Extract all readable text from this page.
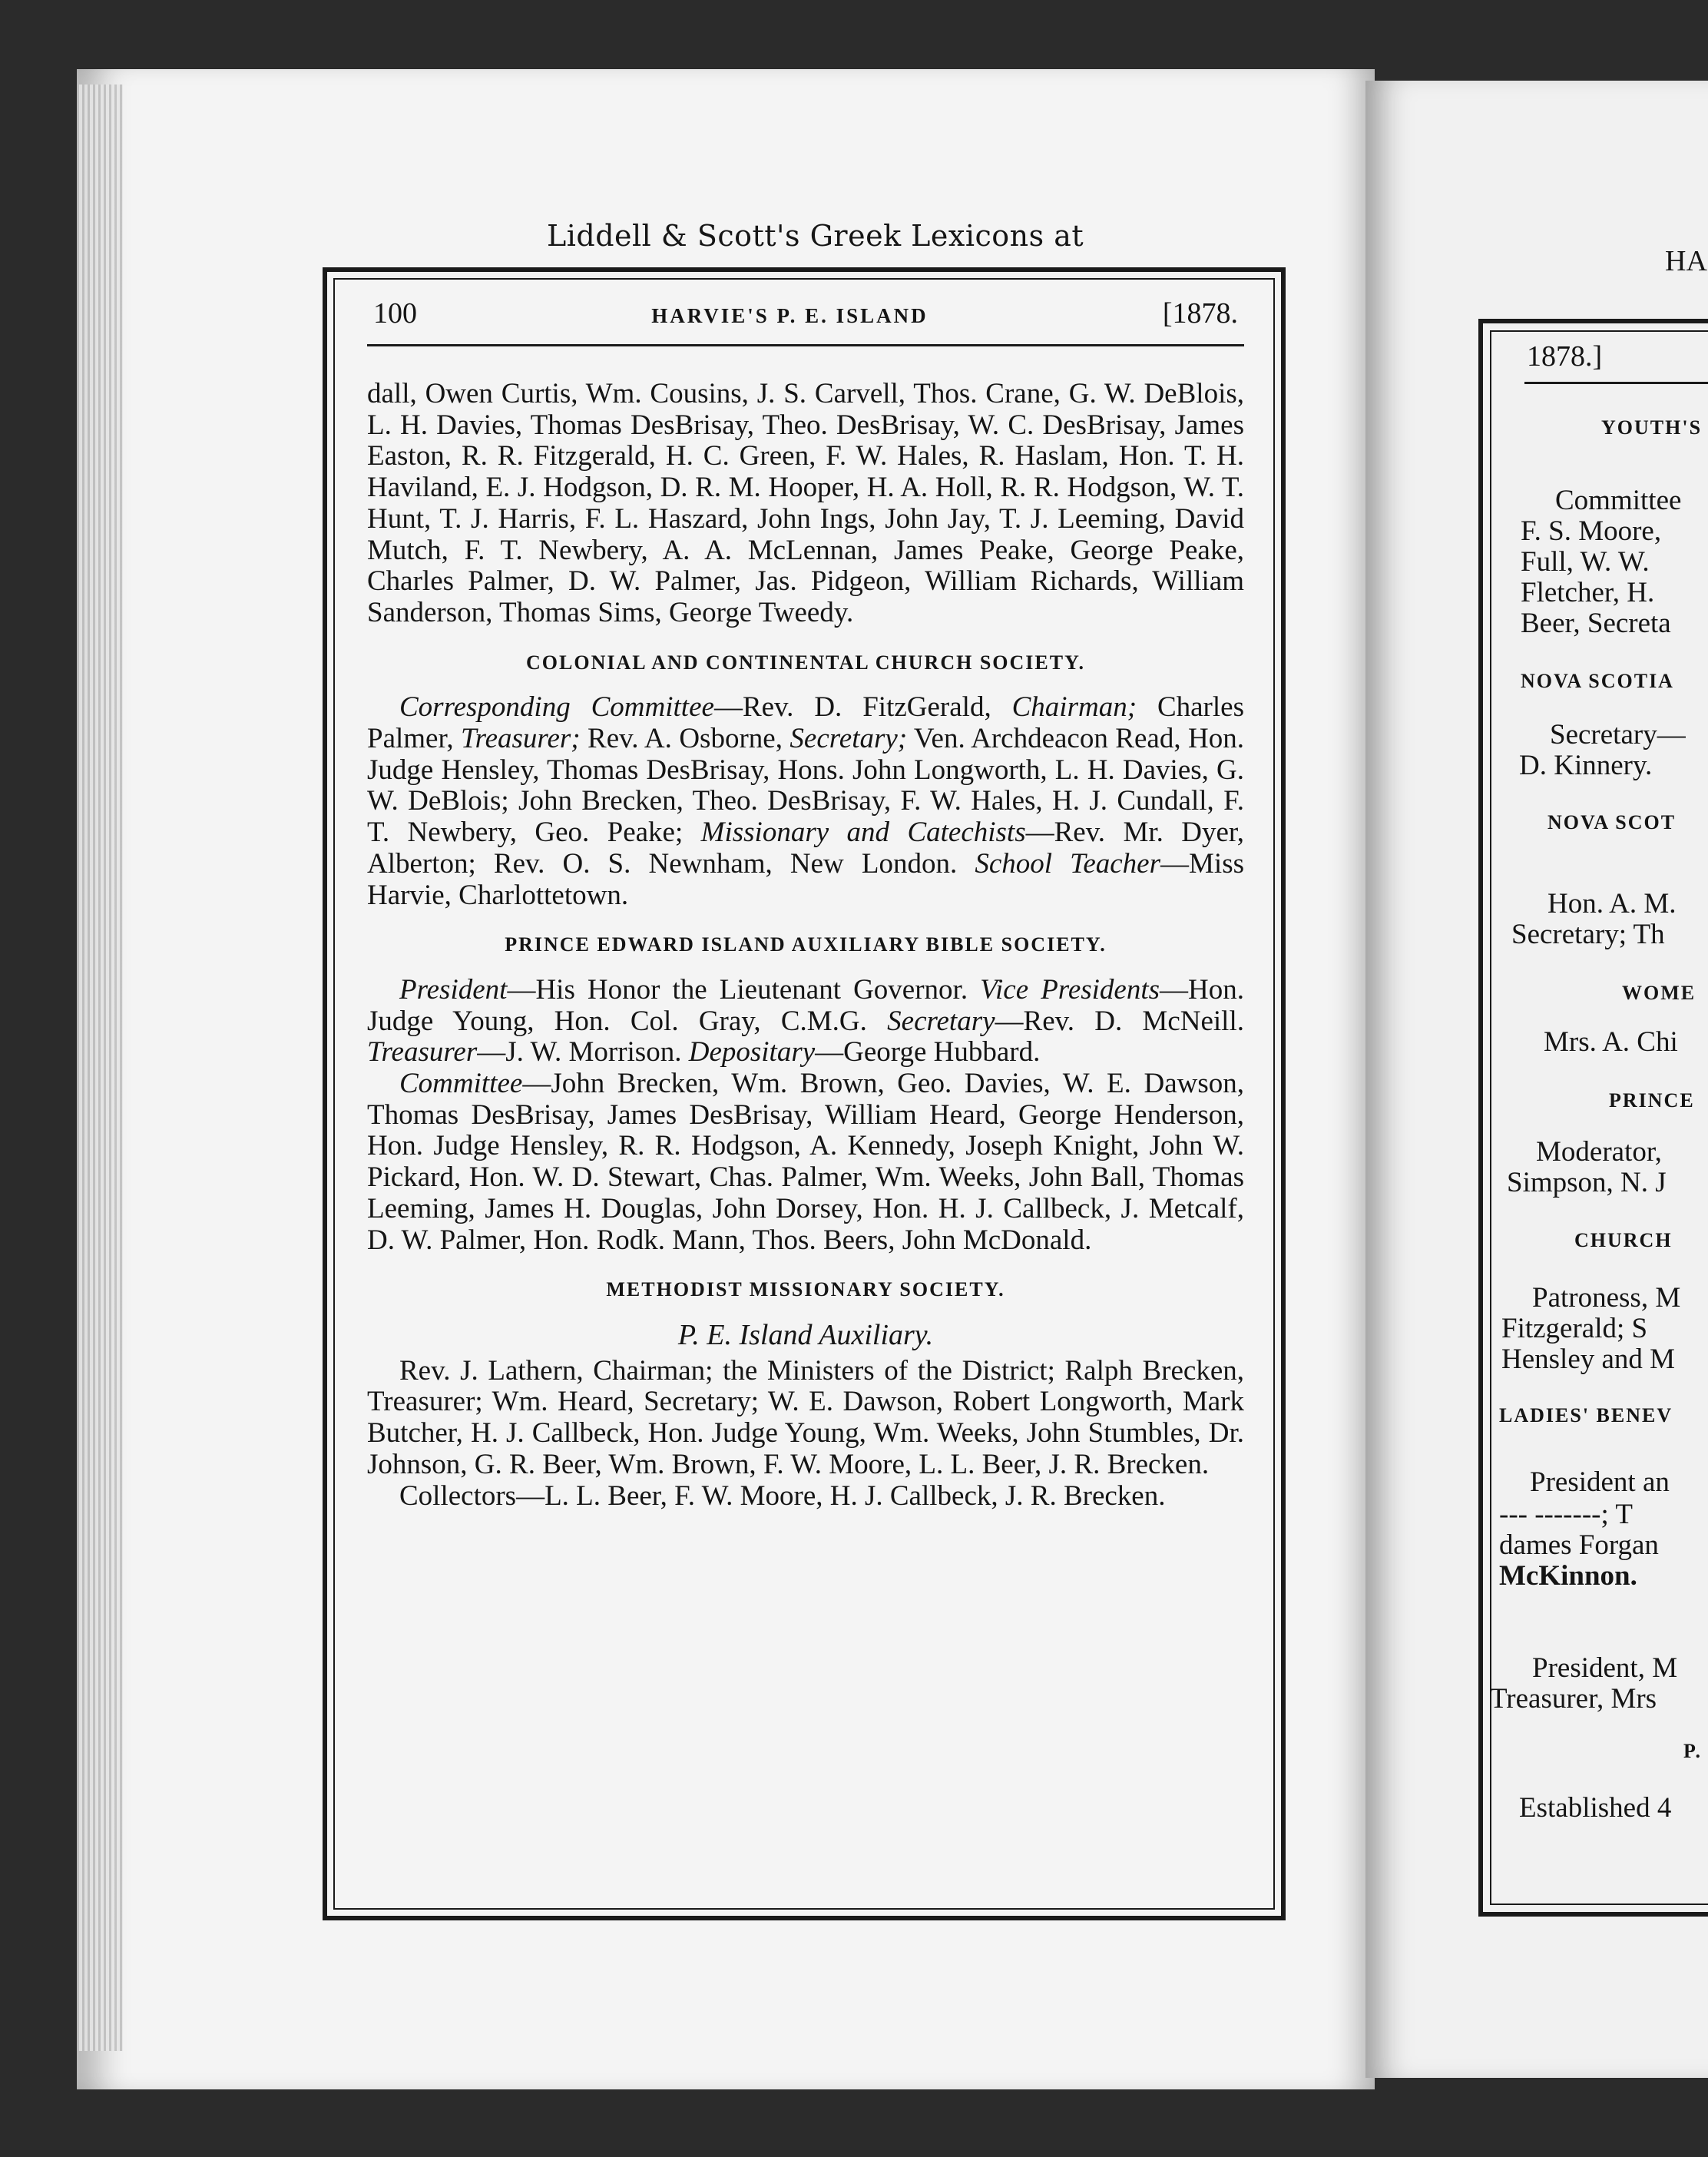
Liddell & Scott's Greek Lexicons at
100	HARVIE'S P. E. ISLAND	[1878.

dall, Owen Curtis, Wm. Cousins, J. S. Carvell, Thos. Crane, G. W. DeBlois, L. H. Davies, Thomas DesBrisay, Theo. DesBrisay, W. C. DesBrisay, James Easton, R. R. Fitzgerald, H. C. Green, F. W. Hales, R. Haslam, Hon. T. H. Haviland, E. J. Hodgson, D. R. M. Hooper, H. A. Holl, R. R. Hodgson, W. T. Hunt, T. J. Harris, F. L. Haszard, John Ings, John Jay, T. J. Leeming, David Mutch, F. T. Newbery, A. A. McLennan, James Peake, George Peake, Charles Palmer, D. W. Palmer, Jas. Pidgeon, William Richards, William Sanderson, Thomas Sims, George Tweedy.

COLONIAL AND CONTINENTAL CHURCH SOCIETY.

Corresponding Committee—Rev. D. FitzGerald, Chairman; Charles Palmer, Treasurer; Rev. A. Osborne, Secretary; Ven. Archdeacon Read, Hon. Judge Hensley, Thomas DesBrisay, Hons. John Longworth, L. H. Davies, G. W. DeBlois; John Brecken, Theo. DesBrisay, F. W. Hales, H. J. Cundall, F. T. Newbery, Geo. Peake; Missionary and Catechists—Rev. Mr. Dyer, Alberton; Rev. O. S. Newnham, New London. School Teacher—Miss Harvie, Charlottetown.

PRINCE EDWARD ISLAND AUXILIARY BIBLE SOCIETY.

President—His Honor the Lieutenant Governor. Vice Presidents—Hon. Judge Young, Hon. Col. Gray, C.M.G. Secretary—Rev. D. McNeill. Treasurer—J. W. Morrison. Depositary—George Hubbard.

Committee—John Brecken, Wm. Brown, Geo. Davies, W. E. Dawson, Thomas DesBrisay, James DesBrisay, William Heard, George Henderson, Hon. Judge Hensley, R. R. Hodgson, A. Kennedy, Joseph Knight, John W. Pickard, Hon. W. D. Stewart, Chas. Palmer, Wm. Weeks, John Ball, Thomas Leeming, James H. Douglas, John Dorsey, Hon. H. J. Callbeck, J. Metcalf, D. W. Palmer, Hon. Rodk. Mann, Thos. Beers, John McDonald.

METHODIST MISSIONARY SOCIETY.
P. E. Island Auxiliary.

Rev. J. Lathern, Chairman; the Ministers of the District; Ralph Brecken, Treasurer; Wm. Heard, Secretary; W. E. Dawson, Robert Longworth, Mark Butcher, H. J. Callbeck, Hon. Judge Young, Wm. Weeks, John Stumbles, Dr. Johnson, G. R. Beer, Wm. Brown, F. W. Moore, L. L. Beer, J. R. Brecken.

Collectors—L. L. Beer, F. W. Moore, H. J. Callbeck, J. R. Brecken.

HA
1878.]
YOUTH'S
Committee
F. S. Moore,
Full, W. W.
Fletcher, H.
Beer, Secreta
NOVA SCOTIA
Secretary—
D. Kinnery.
NOVA SCOT
Hon. A. M.
Secretary; Th
WOME
Mrs. A. Chi
PRINCE
Moderator,
Simpson, N. J
CHURCH
Patroness, M
Fitzgerald; S
Hensley and M
LADIES' BENEV
President an
--- -------; T
dames Forgan
McKinnon.
President, M
Treasurer, Mrs
P.
Established 4
